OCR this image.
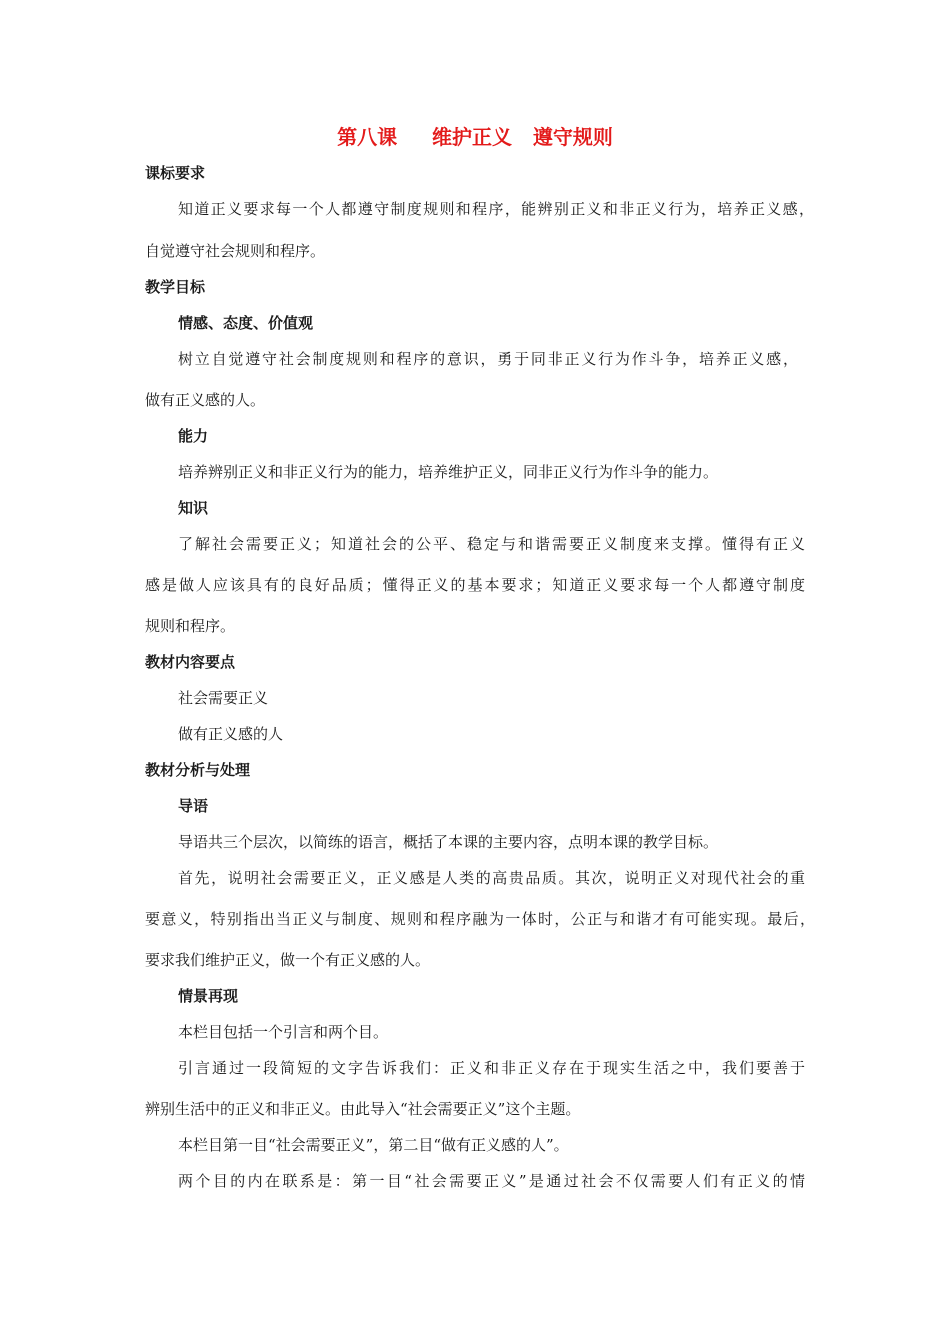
第八课     维护正义   遵守规则
课标要求
知道正义要求每一个人都遵守制度规则和程序，能辨别正义和非正义行为，培养正义感，
自觉遵守社会规则和程序。
教学目标
情感、态度、价值观
树立自觉遵守社会制度规则和程序的意识，勇于同非正义行为作斗争，培养正义感，
做有正义感的人。
能力
培养辨别正义和非正义行为的能力，培养维护正义，同非正义行为作斗争的能力。
知识
了解社会需要正义；知道社会的公平、稳定与和谐需要正义制度来支撑。懂得有正义
感是做人应该具有的良好品质；懂得正义的基本要求；知道正义要求每一个人都遵守制度
规则和程序。
教材内容要点
社会需要正义
做有正义感的人
教材分析与处理
导语
导语共三个层次，以简练的语言，概括了本课的主要内容，点明本课的教学目标。
首先，说明社会需要正义，正义感是人类的高贵品质。其次，说明正义对现代社会的重
要意义，特别指出当正义与制度、规则和程序融为一体时，公正与和谐才有可能实现。最后，
要求我们维护正义，做一个有正义感的人。
情景再现
本栏目包括一个引言和两个目。
引言通过一段简短的文字告诉我们：正义和非正义存在于现实生活之中，我们要善于
辨别生活中的正义和非正义。由此导入“社会需要正义”这个主题。
本栏目第一目“社会需要正义”，第二目“做有正义感的人”。
两个目的内在联系是：第一目“社会需要正义”是通过社会不仅需要人们有正义的情
